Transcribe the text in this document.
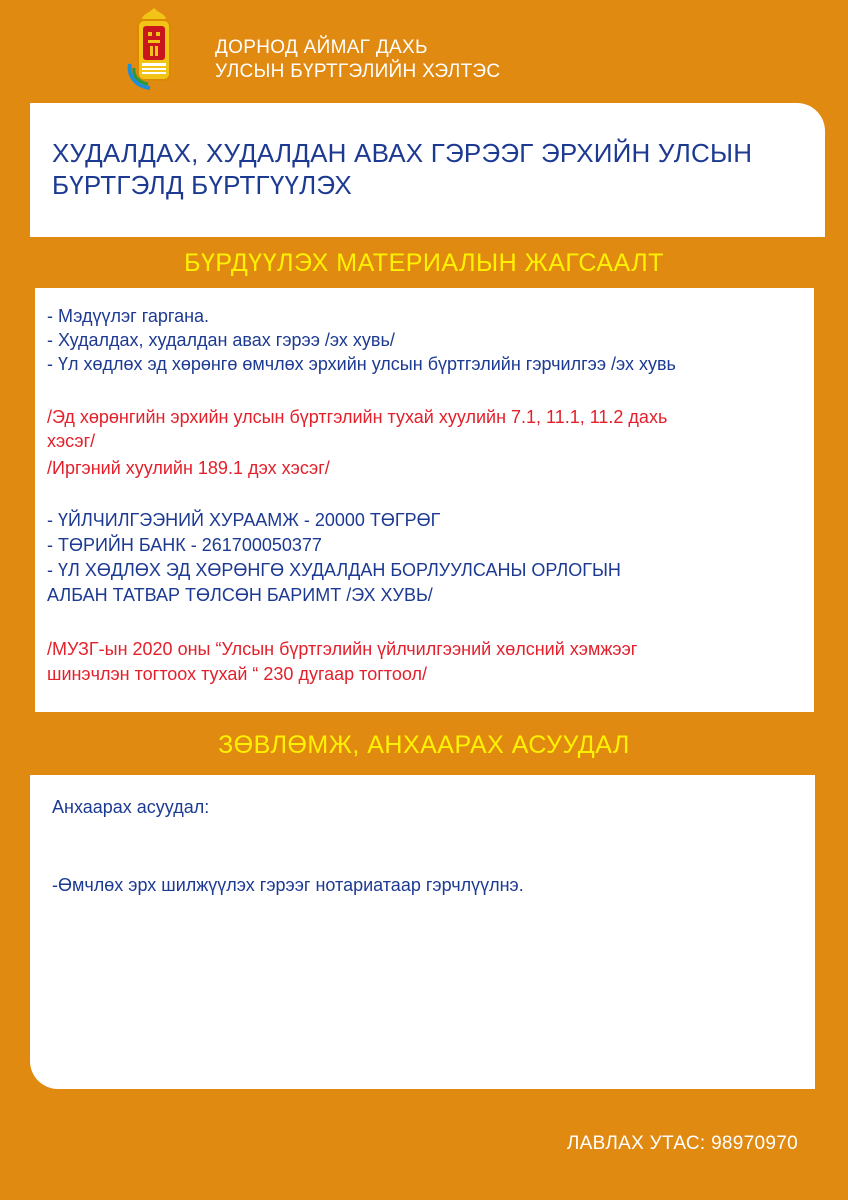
ДОРНОД АЙМАГ ДАХЬ
УЛСЫН БҮРТГЭЛИЙН ХЭЛТЭС
ХУДАЛДАХ, ХУДАЛДАН АВАХ ГЭРЭЭГ ЭРХИЙН УЛСЫН
БҮРТГЭЛД БҮРТГҮҮЛЭХ
БҮРДҮҮЛЭХ МАТЕРИАЛЫН ЖАГСААЛТ
- Мэдүүлэг гаргана.
- Худалдах, худалдан авах гэрээ /эх хувь/
- Үл хөдлөх эд хөрөнгө өмчлөх эрхийн улсын бүртгэлийн гэрчилгээ /эх хувь
/Эд хөрөнгийн эрхийн улсын бүртгэлийн тухай хуулийн 7.1, 11.1, 11.2 дахь
хэсэг/
/Иргэний хуулийн 189.1 дэх хэсэг/
- ҮЙЛЧИЛГЭЭНИЙ ХУРААМЖ - 20000 ТӨГРӨГ
- ТӨРИЙН БАНК - 261700050377
- ҮЛ ХӨДЛӨХ ЭД ХӨРӨНГӨ ХУДАЛДАН БОРЛУУЛСАНЫ ОРЛОГЫН
АЛБАН ТАТВАР ТӨЛСӨН БАРИМТ /ЭХ ХУВЬ/
/МУЗГ-ын 2020 оны “Улсын бүртгэлийн үйлчилгээний хөлсний хэмжээг
шинэчлэн тогтоох тухай “ 230 дугаар тогтоол/
ЗӨВЛӨМЖ, АНХААРАХ АСУУДАЛ
Анхаарах асуудал:
-Өмчлөх эрх шилжүүлэх гэрээг нотариатаар гэрчлүүлнэ.
ЛАВЛАХ УТАС: 98970970
